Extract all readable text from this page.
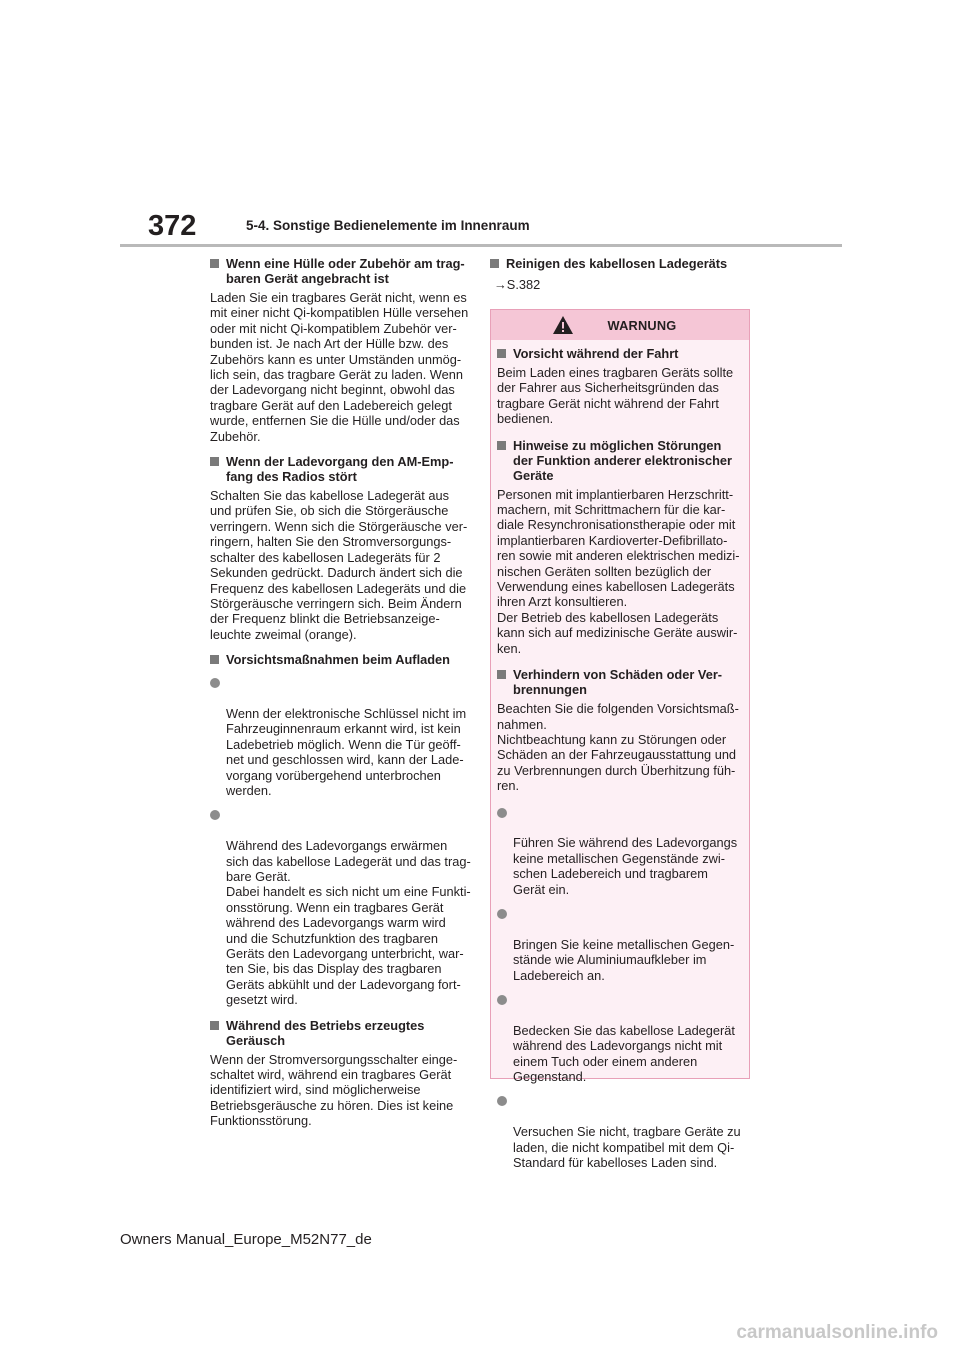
372	5-4. Sonstige Bedienelemente im Innenraum
Wenn eine Hülle oder Zubehör am trag-
baren Gerät angebracht ist
Laden Sie ein tragbares Gerät nicht, wenn es
mit einer nicht Qi-kompatiblen Hülle versehen
oder mit nicht Qi-kompatiblem Zubehör ver-
bunden ist. Je nach Art der Hülle bzw. des
Zubehörs kann es unter Umständen unmög-
lich sein, das tragbare Gerät zu laden. Wenn
der Ladevorgang nicht beginnt, obwohl das
tragbare Gerät auf den Ladebereich gelegt
wurde, entfernen Sie die Hülle und/oder das
Zubehör.
Wenn der Ladevorgang den AM-Emp-
fang des Radios stört
Schalten Sie das kabellose Ladegerät aus
und prüfen Sie, ob sich die Störgeräusche
verringern. Wenn sich die Störgeräusche ver-
ringern, halten Sie den Stromversorgungs-
schalter des kabellosen Ladegeräts für 2
Sekunden gedrückt. Dadurch ändert sich die
Frequenz des kabellosen Ladegeräts und die
Störgeräusche verringern sich. Beim Ändern
der Frequenz blinkt die Betriebsanzeige-
leuchte zweimal (orange).
Vorsichtsmaßnahmen beim Aufladen

Wenn der elektronische Schlüssel nicht im
Fahrzeuginnenraum erkannt wird, ist kein
Ladebetrieb möglich. Wenn die Tür geöff-
net und geschlossen wird, kann der Lade-
vorgang vorübergehend unterbrochen
werden.

Während des Ladevorgangs erwärmen
sich das kabellose Ladegerät und das trag-
bare Gerät.
Dabei handelt es sich nicht um eine Funkti-
onsstörung. Wenn ein tragbares Gerät
während des Ladevorgangs warm wird
und die Schutzfunktion des tragbaren
Geräts den Ladevorgang unterbricht, war-
ten Sie, bis das Display des tragbaren
Geräts abkühlt und der Ladevorgang fort-
gesetzt wird.

Während des Betriebs erzeugtes
Geräusch
Wenn der Stromversorgungsschalter einge-
schaltet wird, während ein tragbares Gerät
identifiziert wird, sind möglicherweise
Betriebsgeräusche zu hören. Dies ist keine
Funktionsstörung.
Reinigen des kabellosen Ladegeräts
→S.382
WARNUNG
Vorsicht während der Fahrt
Beim Laden eines tragbaren Geräts sollte
der Fahrer aus Sicherheitsgründen das
tragbare Gerät nicht während der Fahrt
bedienen.
Hinweise zu möglichen Störungen
der Funktion anderer elektronischer
Geräte
Personen mit implantierbaren Herzschritt-
machern, mit Schrittmachern für die kar-
diale Resynchronisationstherapie oder mit
implantierbaren Kardioverter-Defibrillato-
ren sowie mit anderen elektrischen medizi-
nischen Geräten sollten bezüglich der
Verwendung eines kabellosen Ladegeräts
ihren Arzt konsultieren.
Der Betrieb des kabellosen Ladegeräts
kann sich auf medizinische Geräte auswir-
ken.
Verhindern von Schäden oder Ver-
brennungen
Beachten Sie die folgenden Vorsichtsmaß-
nahmen.
Nichtbeachtung kann zu Störungen oder
Schäden an der Fahrzeugausstattung und
zu Verbrennungen durch Überhitzung füh-
ren.

Führen Sie während des Ladevorgangs
keine metallischen Gegenstände zwi-
schen Ladebereich und tragbarem
Gerät ein.

Bringen Sie keine metallischen Gegen-
stände wie Aluminiumaufkleber im
Ladebereich an.

Bedecken Sie das kabellose Ladegerät
während des Ladevorgangs nicht mit
einem Tuch oder einem anderen
Gegenstand.

Versuchen Sie nicht, tragbare Geräte zu
laden, die nicht kompatibel mit dem Qi-
Standard für kabelloses Laden sind.

Owners Manual_Europe_M52N77_de
carmanualsonline.info
